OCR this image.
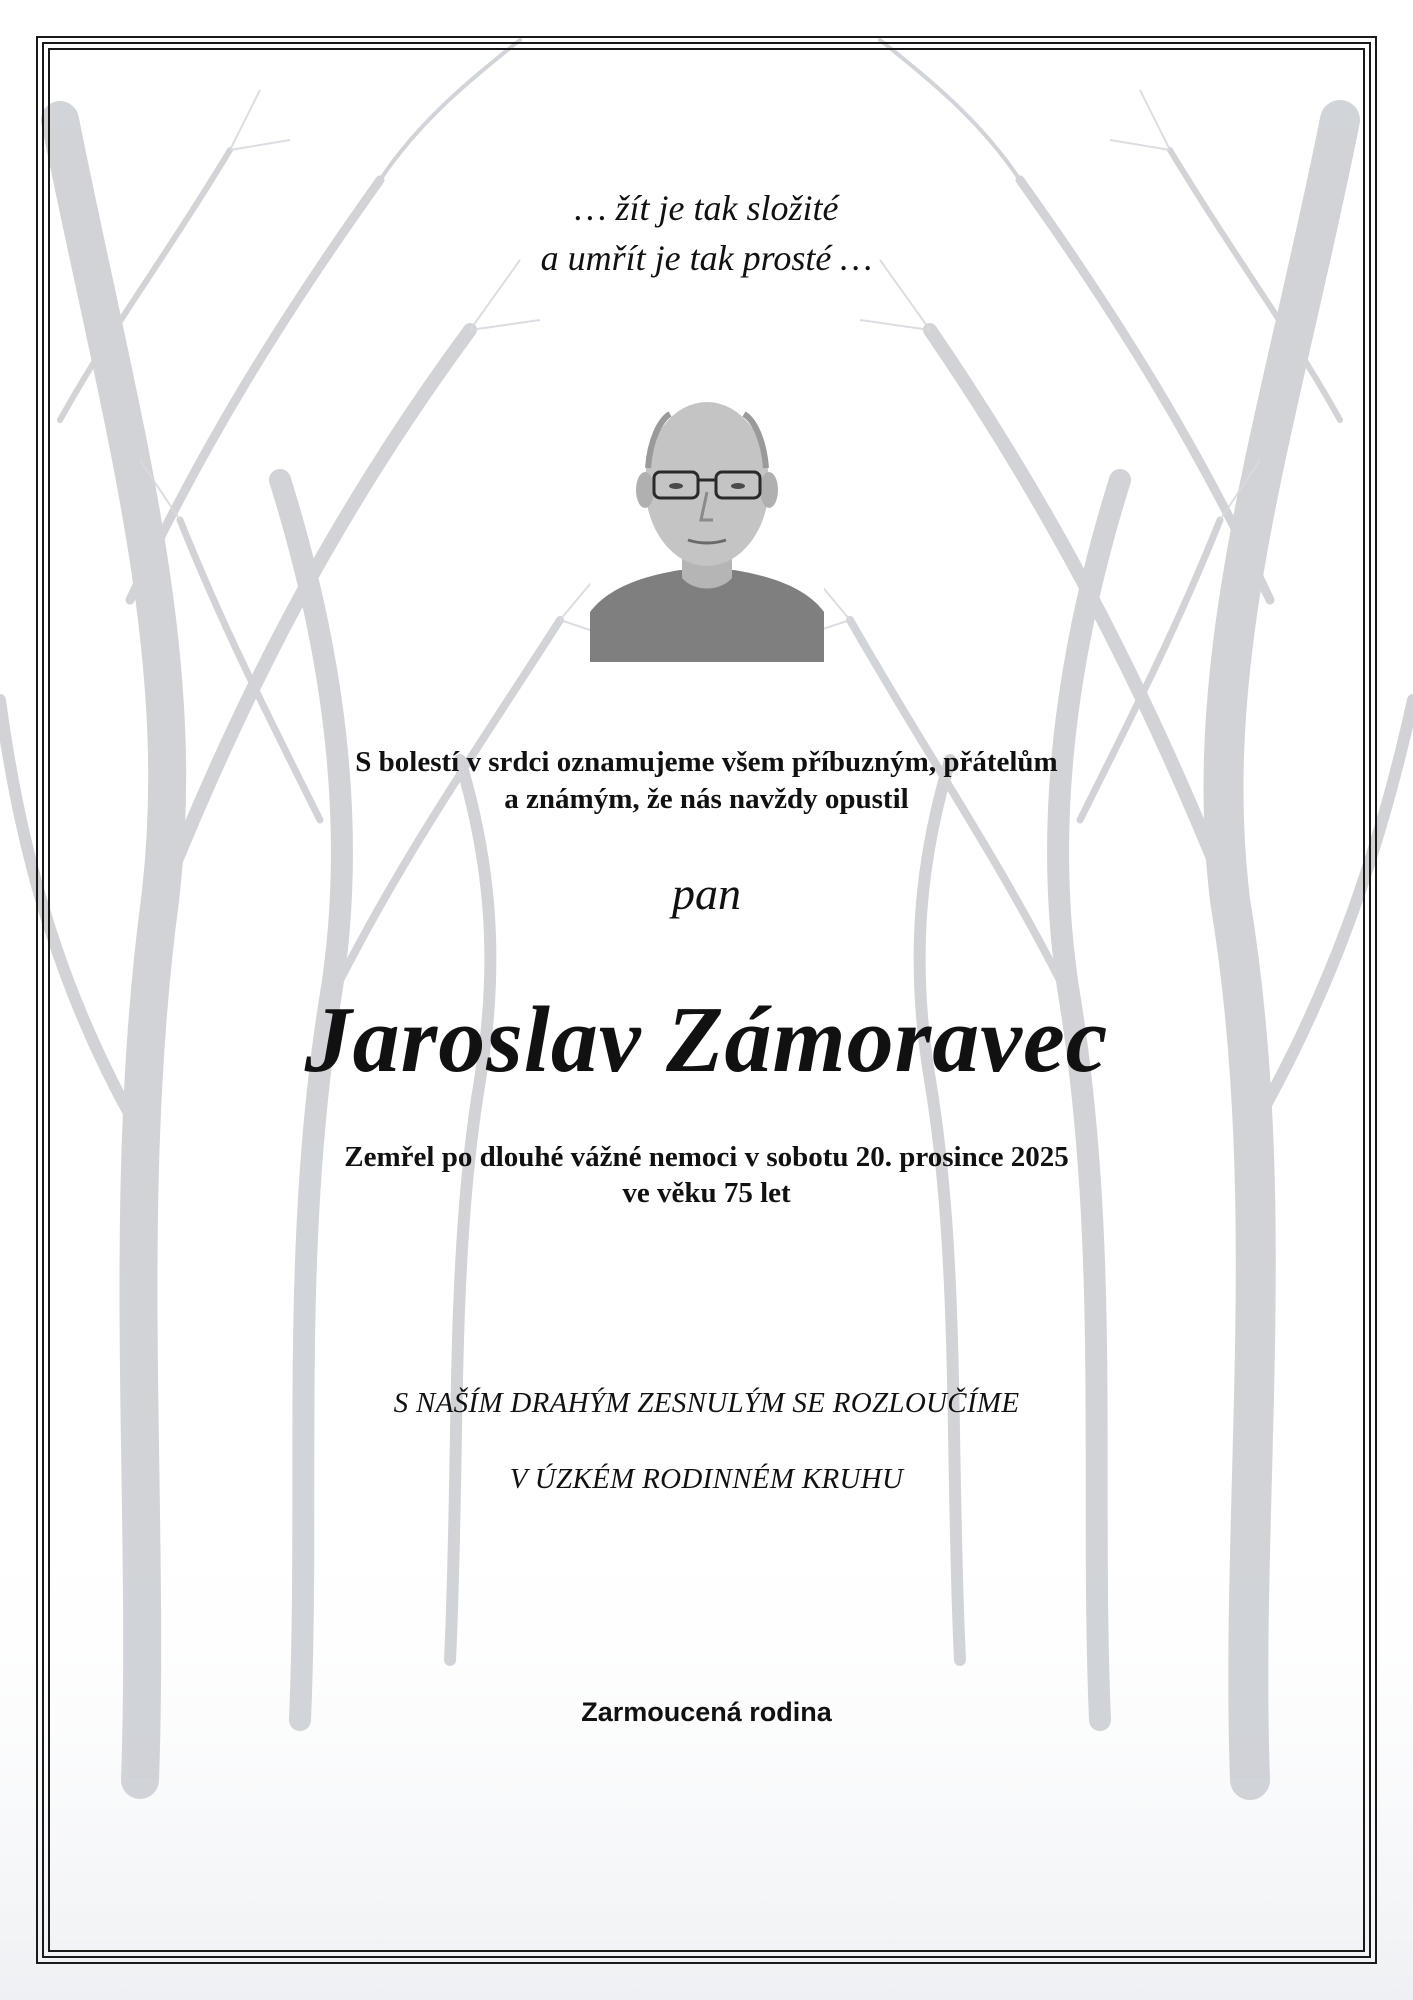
… žít je tak složité
a umřít je tak prosté …
S bolestí v srdci oznamujeme všem příbuzným, přátelům
a známým, že nás navždy opustil
pan
Jaroslav Zámoravec
Zemřel po dlouhé vážné nemoci v sobotu 20. prosince 2025
ve věku 75 let
S NAŠÍM DRAHÝM ZESNULÝM SE ROZLOUČÍME
V ÚZKÉM RODINNÉM KRUHU
Zarmoucená rodina
